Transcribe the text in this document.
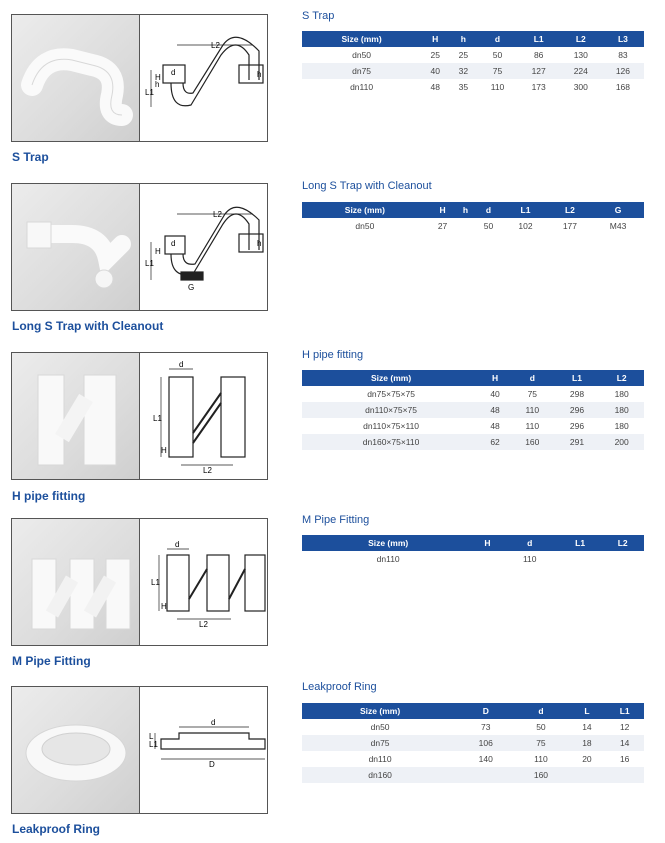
L2
d
H
h
L1
h
S Trap
S Trap
Size (mm)	H	h	d	L1	L2	L3
dn50	25	25	50	86	130	83
dn75	40	32	75	127	224	126
dn110	48	35	110	173	300	168
L2
d
H
L1
h
G
Long S Trap with Cleanout
Long S Trap with Cleanout
Size (mm)	H	h	d	L1	L2	G
dn50	27		50	102	177	M43
d
L1
H
L2
H pipe fitting
H pipe fitting
Size (mm)	H	d	L1	L2
dn75×75×75	40	75	298	180
dn110×75×75	48	110	296	180
dn110×75×110	48	110	296	180
dn160×75×110	62	160	291	200
d
L1
H
L2
M Pipe Fitting
M Pipe Fitting
Size (mm)	H	d	L1	L2
dn110		110		
d
L
L1
D
Leakproof Ring
Leakproof Ring
Size (mm)	D	d	L	L1
dn50	73	50	14	12
dn75	106	75	18	14
dn110	140	110	20	16
dn160		160		
